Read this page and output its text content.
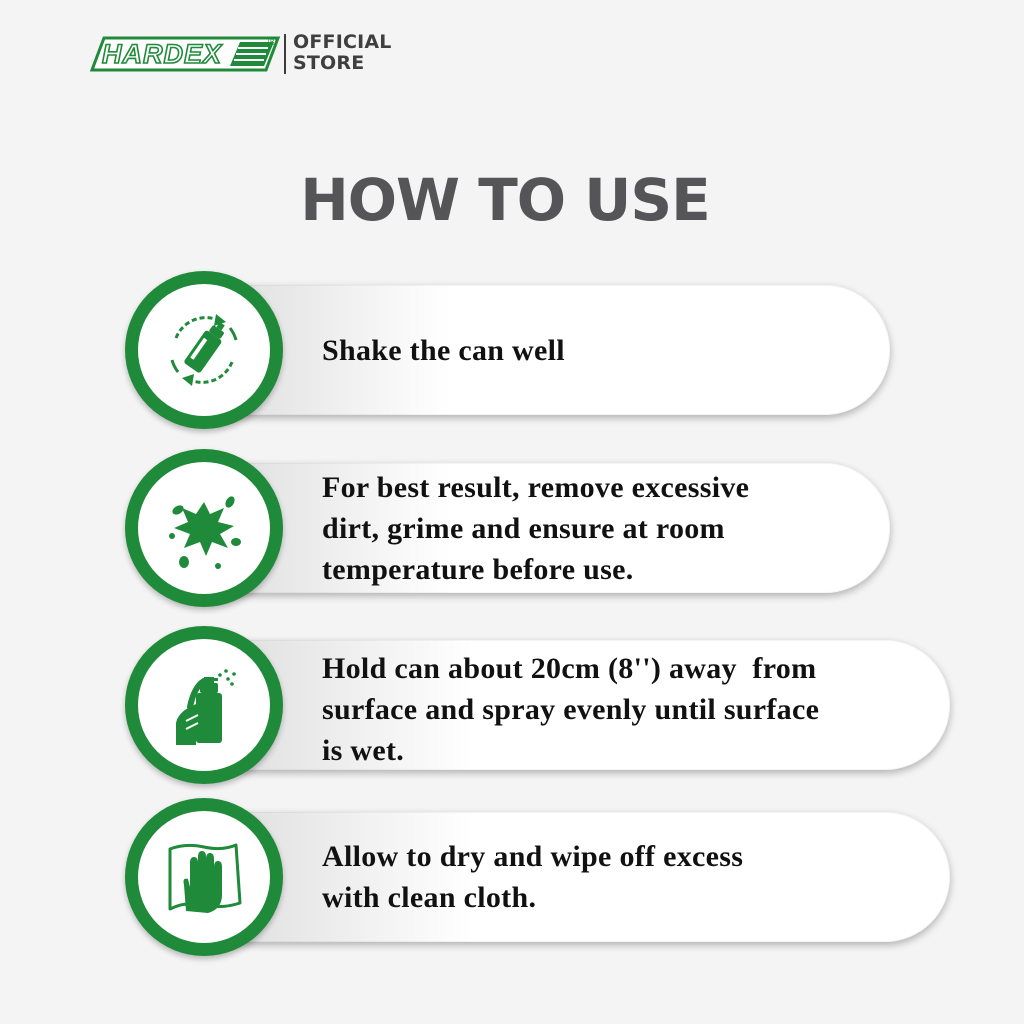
HARDEX	® OFFICIAL
STORE
HOW TO USE
Shake the can well
For best result, remove excessive
dirt, grime and ensure at room
temperature before use.
Hold can about 20cm (8'') away  from
surface and spray evenly until surface
is wet.
Allow to dry and wipe off excess
with clean cloth.
